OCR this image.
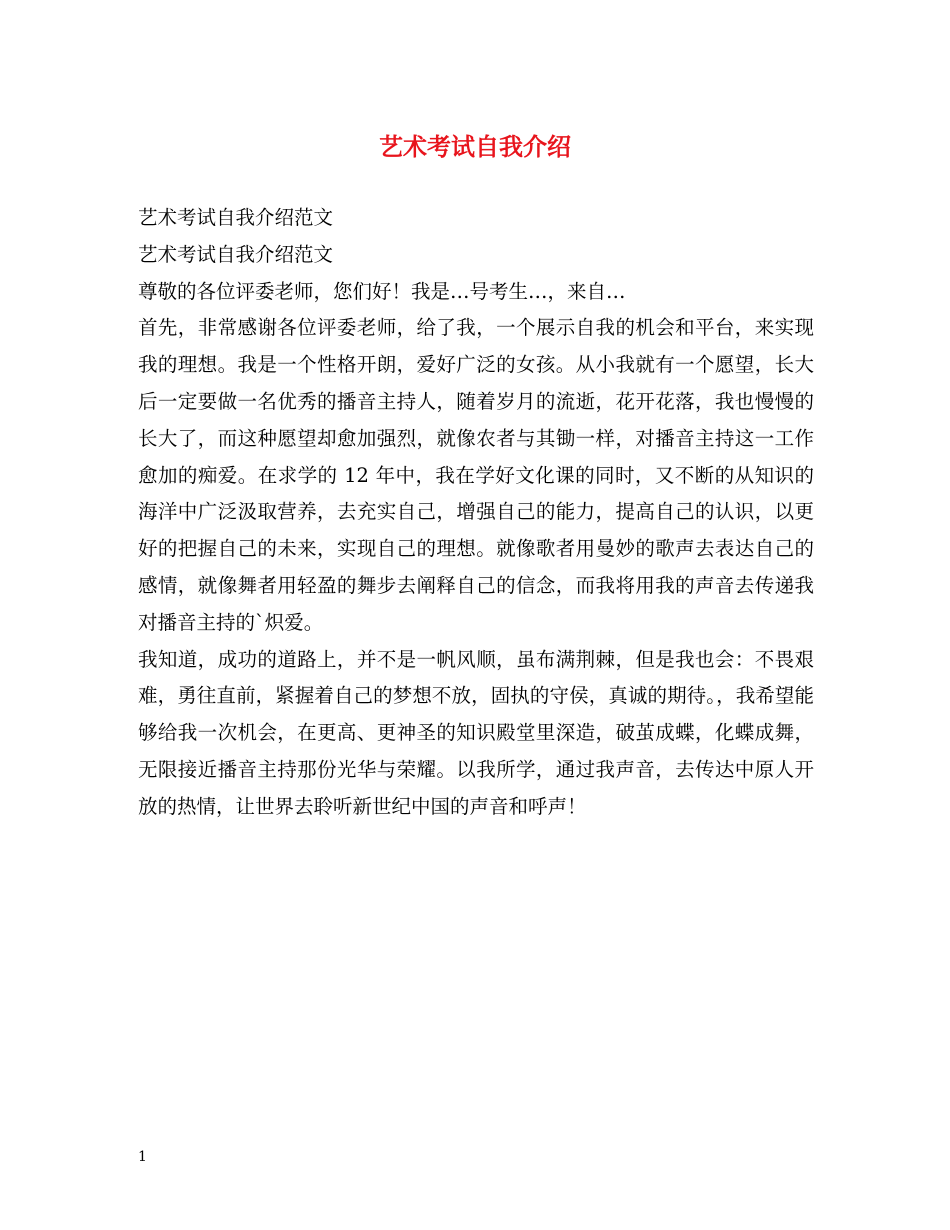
艺术考试自我介绍

艺术考试自我介绍范文

艺术考试自我介绍范文

尊敬的各位评委老师，您们好！我是…号考生…，来自…

首先，非常感谢各位评委老师，给了我，一个展示自我的机会和平台，来实现我的理想。我是一个性格开朗，爱好广泛的女孩。从小我就有一个愿望，长大后一定要做一名优秀的播音主持人，随着岁月的流逝，花开花落，我也慢慢的长大了，而这种愿望却愈加强烈，就像农者与其锄一样，对播音主持这一工作愈加的痴爱。在求学的 12 年中，我在学好文化课的同时，又不断的从知识的海洋中广泛汲取营养，去充实自己，增强自己的能力，提高自己的认识，以更好的把握自己的未来，实现自己的理想。就像歌者用曼妙的歌声去表达自己的感情，就像舞者用轻盈的舞步去阐释自己的信念，而我将用我的声音去传递我对播音主持的`炽爱。

我知道，成功的道路上，并不是一帆风顺，虽布满荆棘，但是我也会：不畏艰难，勇往直前，紧握着自己的梦想不放，固执的守侯，真诚的期待。，我希望能够给我一次机会，在更高、更神圣的知识殿堂里深造，破茧成蝶，化蝶成舞，无限接近播音主持那份光华与荣耀。以我所学，通过我声音，去传达中原人开放的热情，让世界去聆听新世纪中国的声音和呼声！

1
